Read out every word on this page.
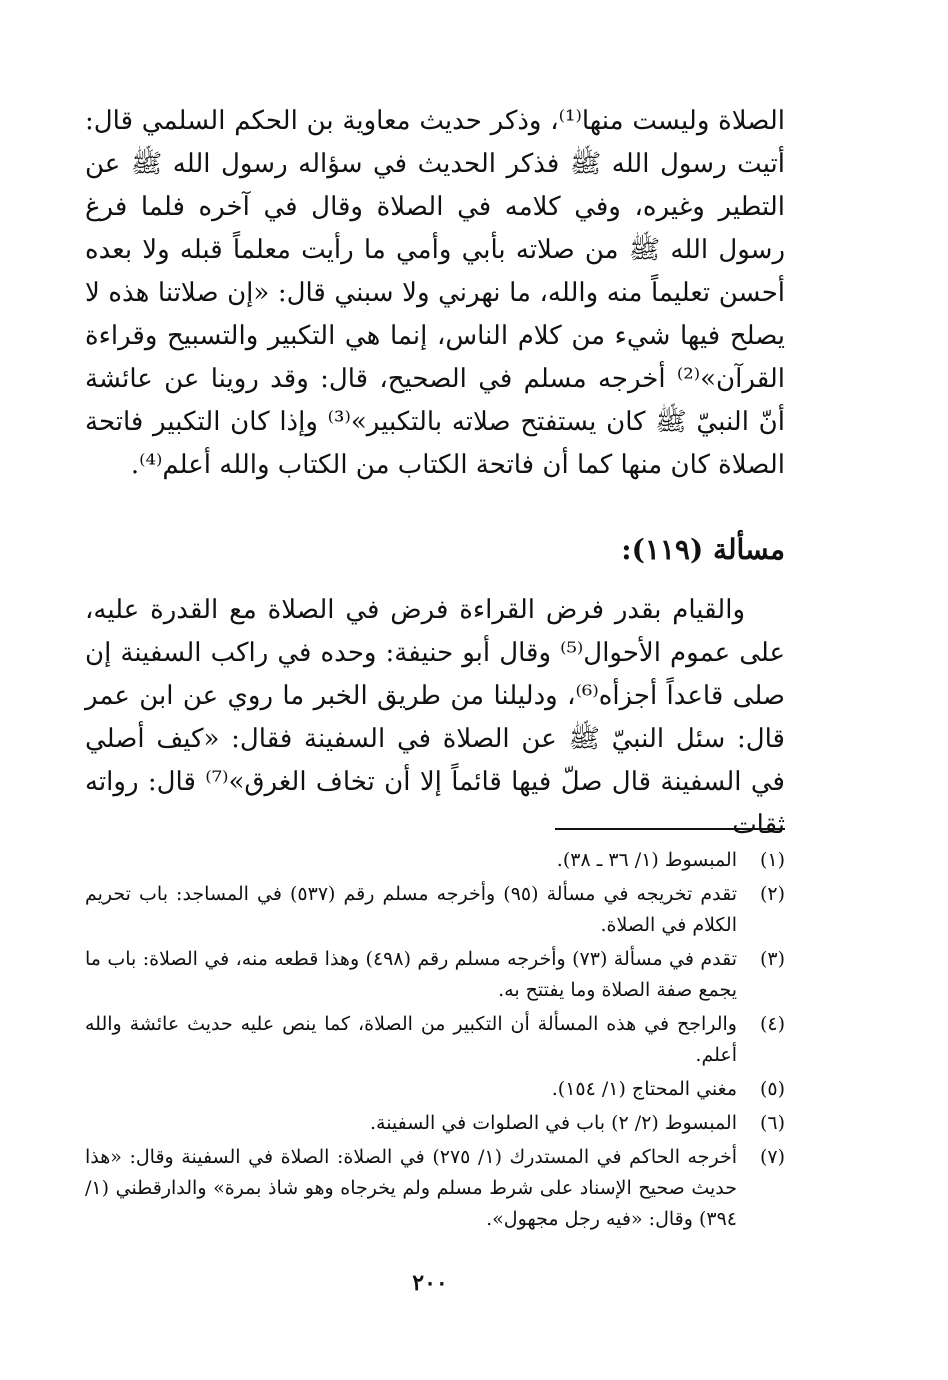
الصلاة وليست منها⁽¹⁾، وذكر حديث معاوية بن الحكم السلمي قال: أتيت رسول الله ﷺ فذكر الحديث في سؤاله رسول الله ﷺ عن التطير وغيره، وفي كلامه في الصلاة وقال في آخره فلما فرغ رسول الله ﷺ من صلاته بأبي وأمي ما رأيت معلماً قبله ولا بعده أحسن تعليماً منه والله، ما نهرني ولا سبني قال: «إن صلاتنا هذه لا يصلح فيها شيء من كلام الناس، إنما هي التكبير والتسبيح وقراءة القرآن»⁽²⁾ أخرجه مسلم في الصحيح، قال: وقد روينا عن عائشة أنّ النبيّ ﷺ كان يستفتح صلاته بالتكبير»⁽³⁾ وإذا كان التكبير فاتحة الصلاة كان منها كما أن فاتحة الكتاب من الكتاب والله أعلم⁽⁴⁾.

مسألة (١١٩):

والقيام بقدر فرض القراءة فرض في الصلاة مع القدرة عليه، على عموم الأحوال⁽⁵⁾ وقال أبو حنيفة: وحده في راكب السفينة إن صلى قاعداً أجزأه⁽⁶⁾، ودليلنا من طريق الخبر ما روي عن ابن عمر قال: سئل النبيّ ﷺ عن الصلاة في السفينة فقال: «كيف أصلي في السفينة قال صلّ فيها قائماً إلا أن تخاف الغرق»⁽⁷⁾ قال: رواته ثقات

(١)
المبسوط (١/ ٣٦ ـ ٣٨).
(٢)
تقدم تخريجه في مسألة (٩٥) وأخرجه مسلم رقم (٥٣٧) في المساجد: باب تحريم الكلام في الصلاة.
(٣)
تقدم في مسألة (٧٣) وأخرجه مسلم رقم (٤٩٨) وهذا قطعه منه، في الصلاة: باب ما يجمع صفة الصلاة وما يفتتح به.
(٤)
والراجح في هذه المسألة أن التكبير من الصلاة، كما ينص عليه حديث عائشة والله أعلم.
(٥)
مغني المحتاج (١/ ١٥٤).
(٦)
المبسوط (٢/ ٢) باب في الصلوات في السفينة.
(٧)
أخرجه الحاكم في المستدرك (١/ ٢٧٥) في الصلاة: الصلاة في السفينة وقال: «هذا حديث صحيح الإسناد على شرط مسلم ولم يخرجاه وهو شاذ بمرة» والدارقطني (١/ ٣٩٤) وقال: «فيه رجل مجهول».
٢٠٠
